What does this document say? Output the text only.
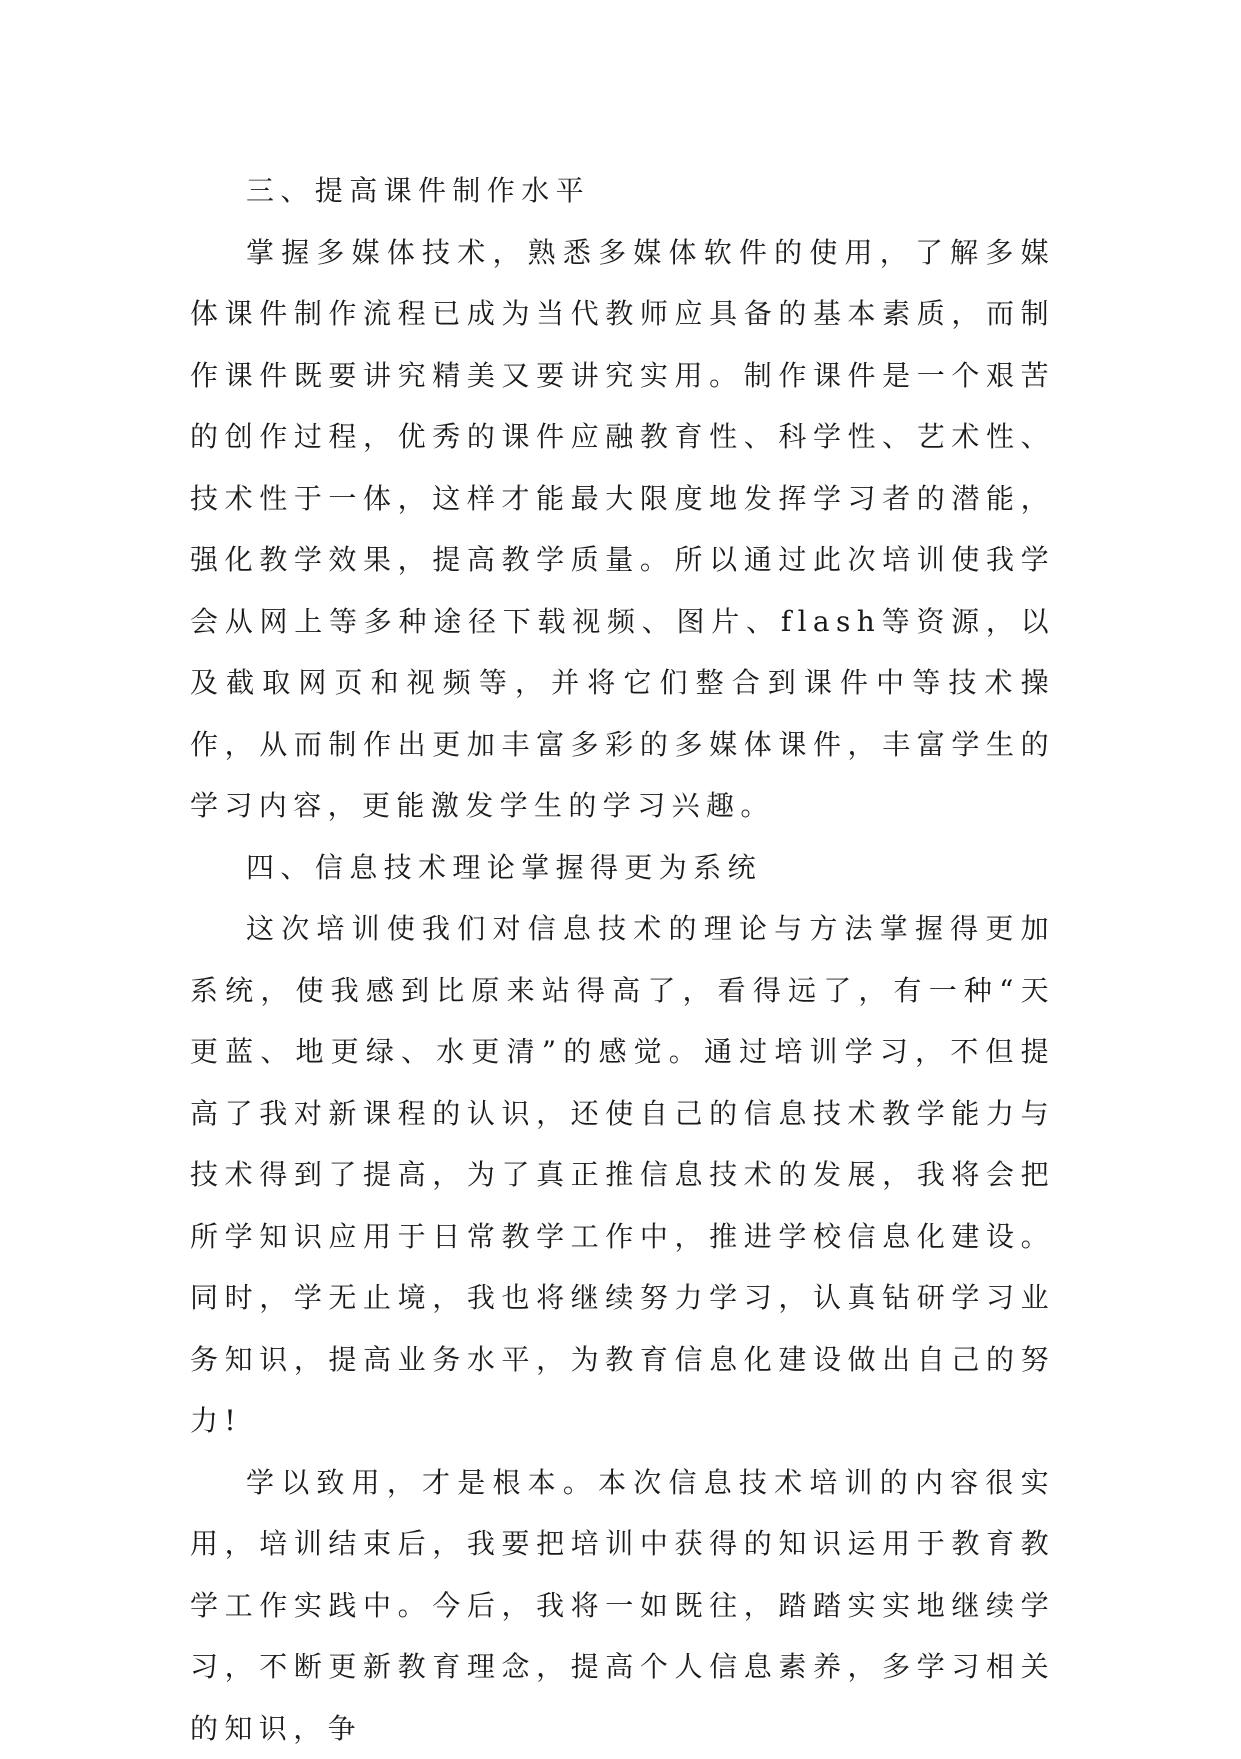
三、提高课件制作水平

掌握多媒体技术，熟悉多媒体软件的使用，了解多媒体课件制作流程已成为当代教师应具备的基本素质，而制作课件既要讲究精美又要讲究实用。制作课件是一个艰苦的创作过程，优秀的课件应融教育性、科学性、艺术性、技术性于一体，这样才能最大限度地发挥学习者的潜能，强化教学效果，提高教学质量。所以通过此次培训使我学会从网上等多种途径下载视频、图片、flash等资源，以及截取网页和视频等，并将它们整合到课件中等技术操作，从而制作出更加丰富多彩的多媒体课件，丰富学生的学习内容，更能激发学生的学习兴趣。

四、信息技术理论掌握得更为系统

这次培训使我们对信息技术的理论与方法掌握得更加系统，使我感到比原来站得高了，看得远了，有一种“天更蓝、地更绿、水更清”的感觉。通过培训学习，不但提高了我对新课程的认识，还使自己的信息技术教学能力与技术得到了提高，为了真正推信息技术的发展，我将会把所学知识应用于日常教学工作中，推进学校信息化建设。同时，学无止境，我也将继续努力学习，认真钻研学习业务知识，提高业务水平，为教育信息化建设做出自己的努力!

学以致用，才是根本。本次信息技术培训的内容很实用，培训结束后，我要把培训中获得的知识运用于教育教学工作实践中。今后，我将一如既往，踏踏实实地继续学习，不断更新教育理念，提高个人信息素养，多学习相关的知识，争
